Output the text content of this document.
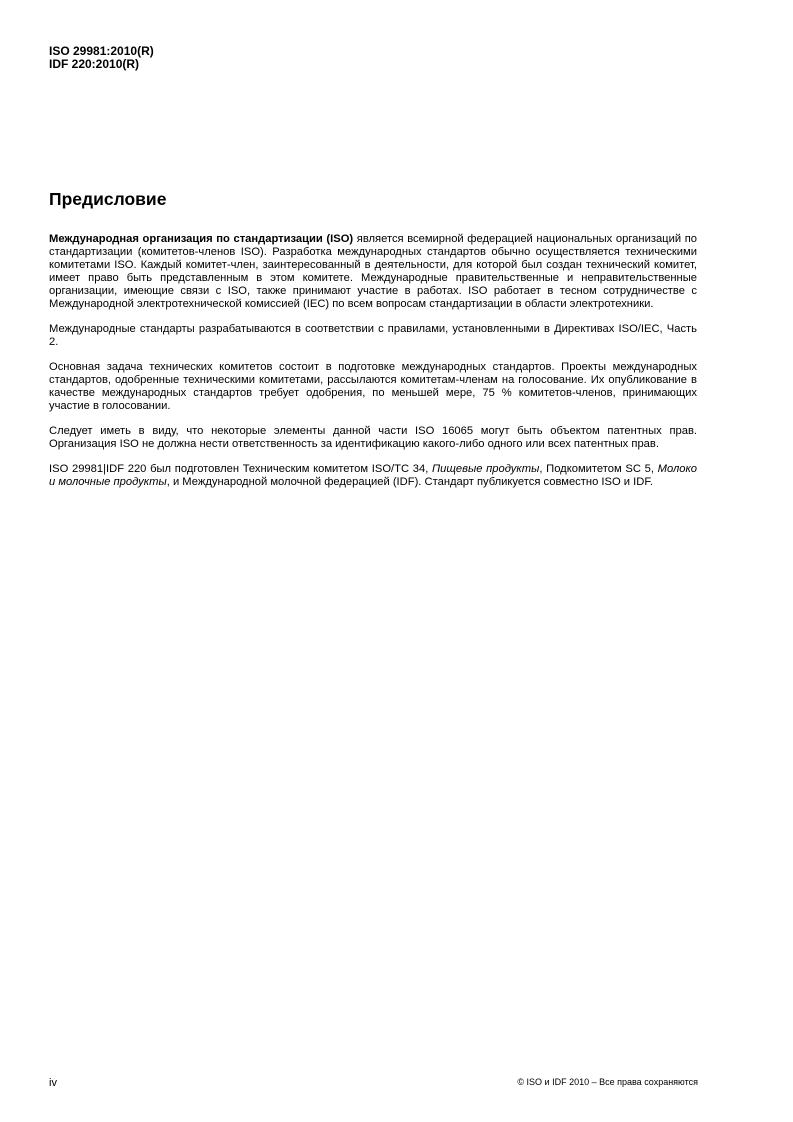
ISO 29981:2010(R)
IDF 220:2010(R)
Предисловие

Международная организация по стандартизации (ISO) является всемирной федерацией национальных организаций по стандартизации (комитетов-членов ISO). Разработка международных стандартов обычно осуществляется техническими комитетами ISO. Каждый комитет-член, заинтересованный в деятельности, для которой был создан технический комитет, имеет право быть представленным в этом комитете. Международные правительственные и неправительственные организации, имеющие связи с ISO, также принимают участие в работах. ISO работает в тесном сотрудничестве с Международной электротехнической комиссией (IEC) по всем вопросам стандартизации в области электротехники.

Международные стандарты разрабатываются в соответствии с правилами, установленными в Директивах ISO/IEC, Часть 2.

Основная задача технических комитетов состоит в подготовке международных стандартов. Проекты международных стандартов, одобренные техническими комитетами, рассылаются комитетам-членам на голосование. Их опубликование в качестве международных стандартов требует одобрения, по меньшей мере, 75 % комитетов-членов, принимающих участие в голосовании.

Следует иметь в виду, что некоторые элементы данной части ISO 16065 могут быть объектом патентных прав. Организация ISO не должна нести ответственность за идентификацию какого-либо одного или всех патентных прав.

ISO 29981|IDF 220 был подготовлен Техническим комитетом ISO/TC 34, Пищевые продукты, Подкомитетом SC 5, Молоко и молочные продукты, и Международной молочной федерацией (IDF). Стандарт публикуется совместно ISO и IDF.

iv	© ISO и IDF 2010 – Все права сохраняются
